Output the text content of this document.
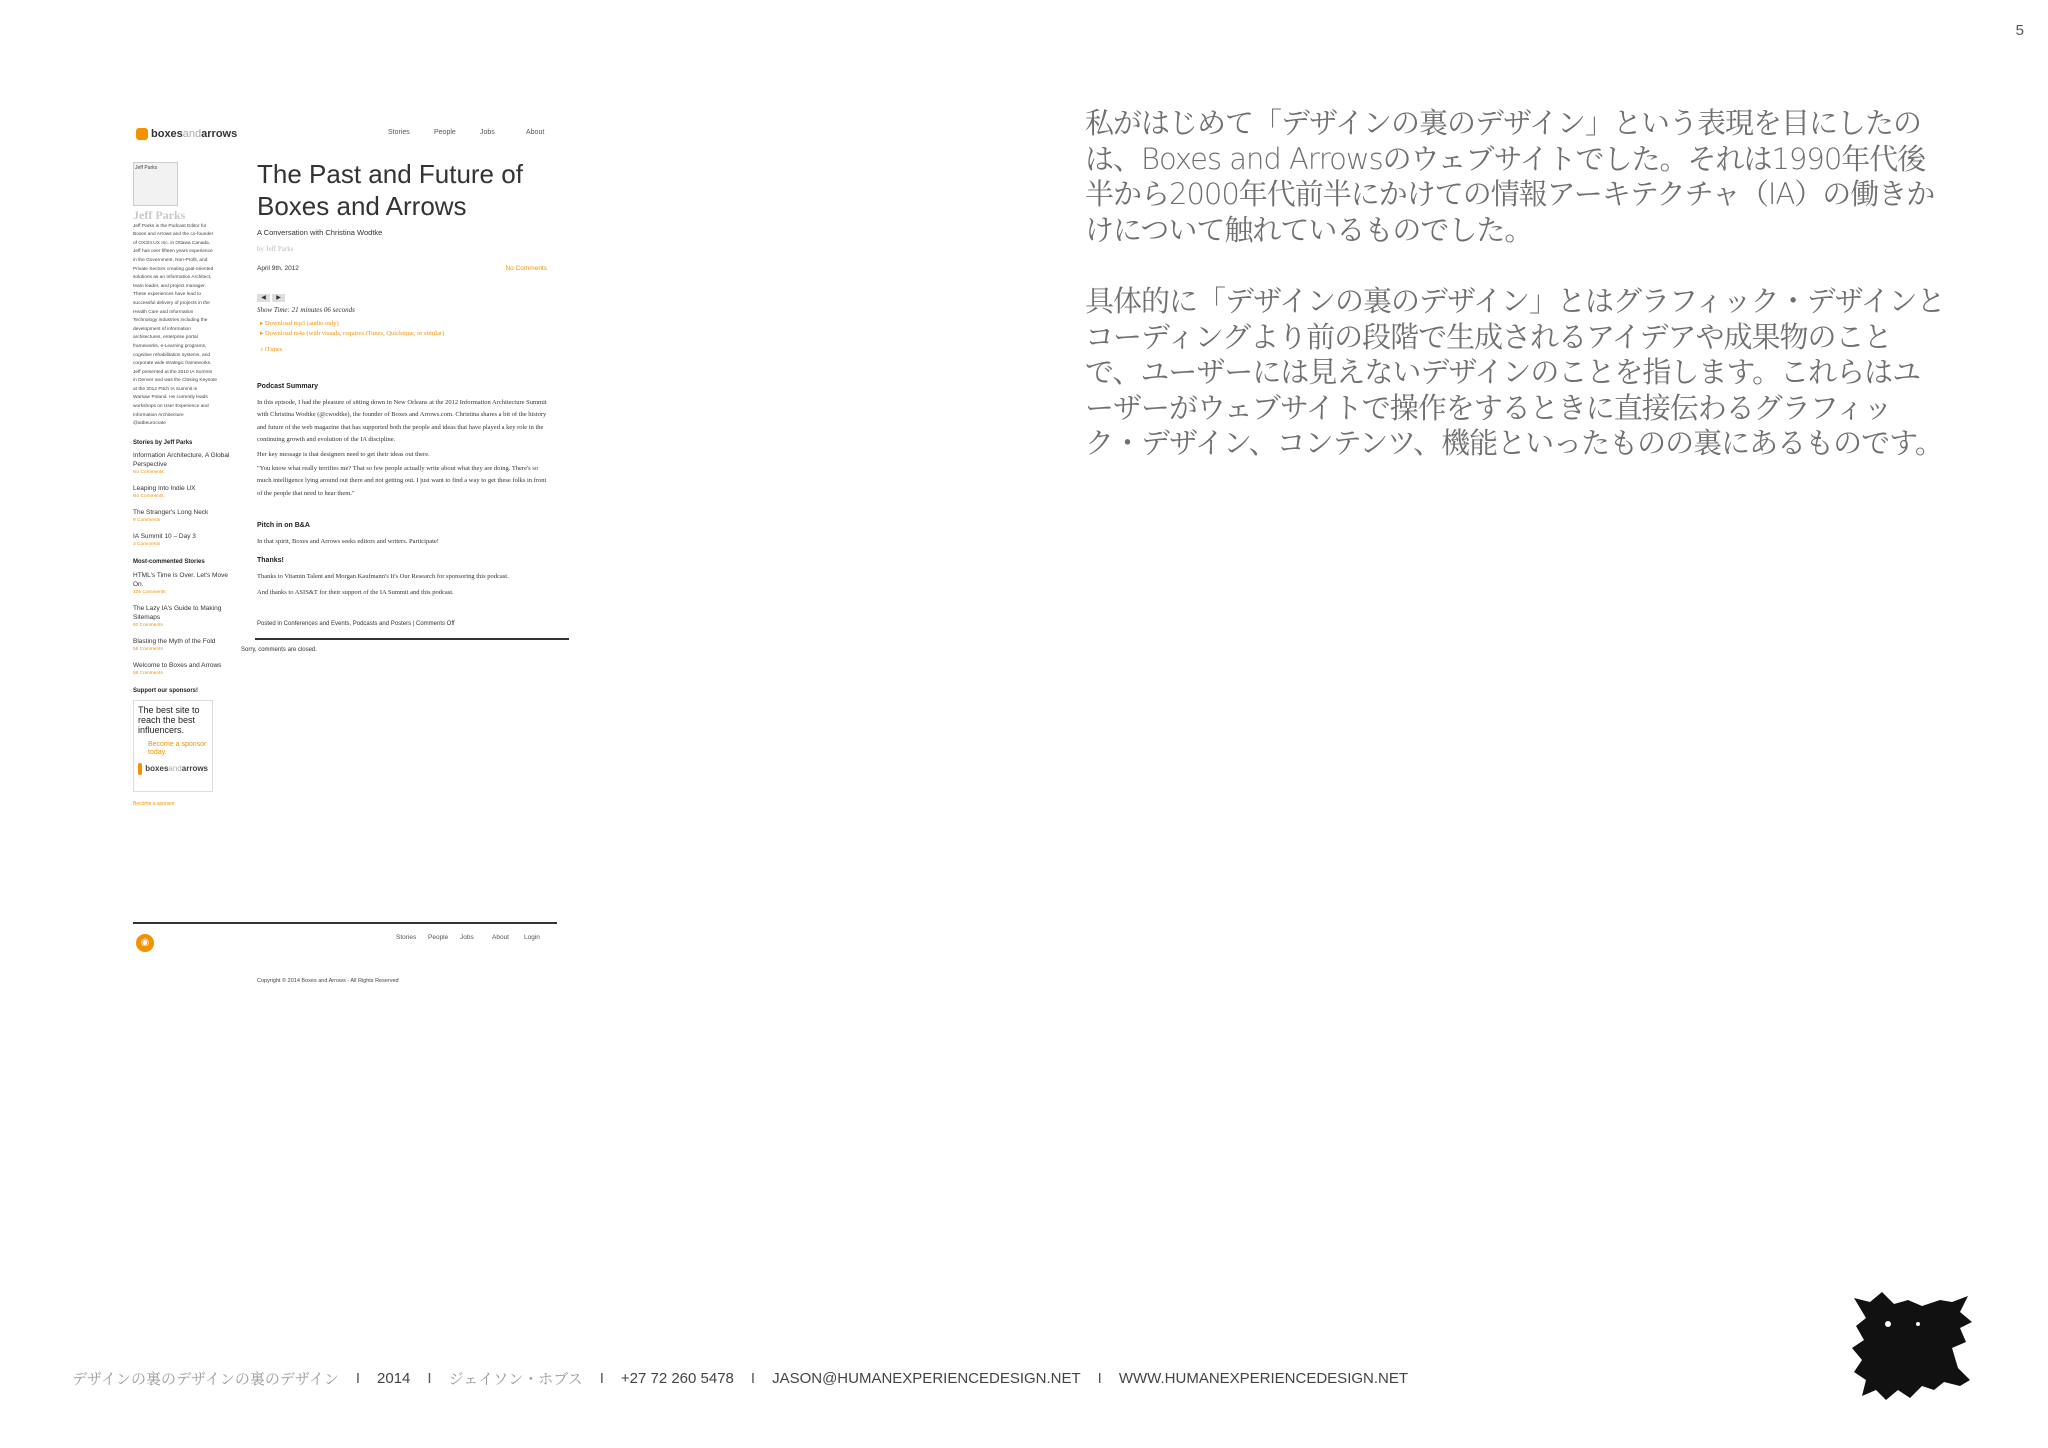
5
boxes and arrows	Stories	People	Jobs	About
Jeff Parks
Jeff Parks
Jeff Parks is the Podcast Editor for
Boxes and Arrows and the co-founder
of OX3/4 UX Inc. in Ottawa Canada.
Jeff has over fifteen years experience
in the Government, Non-Profit, and
Private Sectors creating goal-oriented
solutions as an Information Architect,
team leader, and project manager.
These experiences have lead to
successful delivery of projects in the
Health Care and Information
Technology industries including the
development of information
architectures, enterprise portal
frameworks, e-Learning programs,
cognitive rehabilitation systems, and
corporate wide strategic frameworks.
Jeff presented at the 2010 IA Summit
in Denver and was the Closing Keynote
at the 2012 Pitch IA Summit in
Warsaw Poland. He currently leads
workshops on User Experience and
Information Architecture
@iatbeurocrate
Stories by Jeff Parks
Information Architecture, A Global Perspective
No Comments
Leaping Into Indie UX
No Comments
The Stranger's Long Neck
9 Comments
IA Summit 10 – Day 3
3 Comments
Most-commented Stories
HTML's Time is Over. Let's Move On.
105 Comments
The Lazy IA's Guide to Making Sitemaps
60 Comments
Blasting the Myth of the Fold
58 Comments
Welcome to Boxes and Arrows
56 Comments
Support our sponsors!
The best site to reach the best influencers.
Become a sponsor today.
boxes and arrows
Become a sponsor
The Past and Future of Boxes and Arrows
A Conversation with Christina Wodtke
by Jeff Parks
April 9th, 2012	No Comments
◀	▶
Show Time: 21 minutes 06 seconds
▸ Download mp3 (audio only)
▸ Download m4a (with visuals, requires iTunes, Quicktime, or similar)
♪ iTunes
Podcast Summary
In this episode, I had the pleasure of sitting down in New Orleans at the 2012 Information Architecture Summit with Christina Wodtke (@cwodtke), the founder of Boxes and Arrows.com. Christina shares a bit of the history and future of the web magazine that has supported both the people and ideas that have played a key role in the continuing growth and evolution of the IA discipline.
Her key message is that designers need to get their ideas out there.
"You know what really terrifies me? That so few people actually write about what they are doing. There's so much intelligence lying around out there and not getting out. I just want to find a way to get these folks in front of the people that need to hear them."
Pitch in on B&A
In that spirit, Boxes and Arrows seeks editors and writers. Participate!
Thanks!
Thanks to Vitamin Talent and Morgan Kaufmann's It's Our Research for sponsoring this podcast.
And thanks to ASIS&T for their support of the IA Summit and this podcast.
Posted in Conferences and Events, Podcasts and Posters | Comments Off
Sorry, comments are closed.
◉	Stories	People	Jobs	About	Login
Copyright © 2014 Boxes and Arrows - All Rights Reserved

私がはじめて「デザインの裏のデザイン」という表現を目にしたのは、Boxes and Arrowsのウェブサイトでした。それは1990年代後半から2000年代前半にかけての情報アーキテクチャ（IA）の働きかけについて触れているものでした。

具体的に「デザインの裏のデザイン」とはグラフィック・デザインとコーディングより前の段階で生成されるアイデアや成果物のことで、ユーザーには見えないデザインのことを指します。これらはユーザーがウェブサイトで操作をするときに直接伝わるグラフィック・デザイン、コンテンツ、機能といったものの裏にあるものです。

デザインの裏のデザインの裏のデザイン I 2014 I ジェイソン・ホブス I +27 72 260 5478 I JASON@HUMANEXPERIENCEDESIGN.NET I WWW.HUMANEXPERIENCEDESIGN.NET
